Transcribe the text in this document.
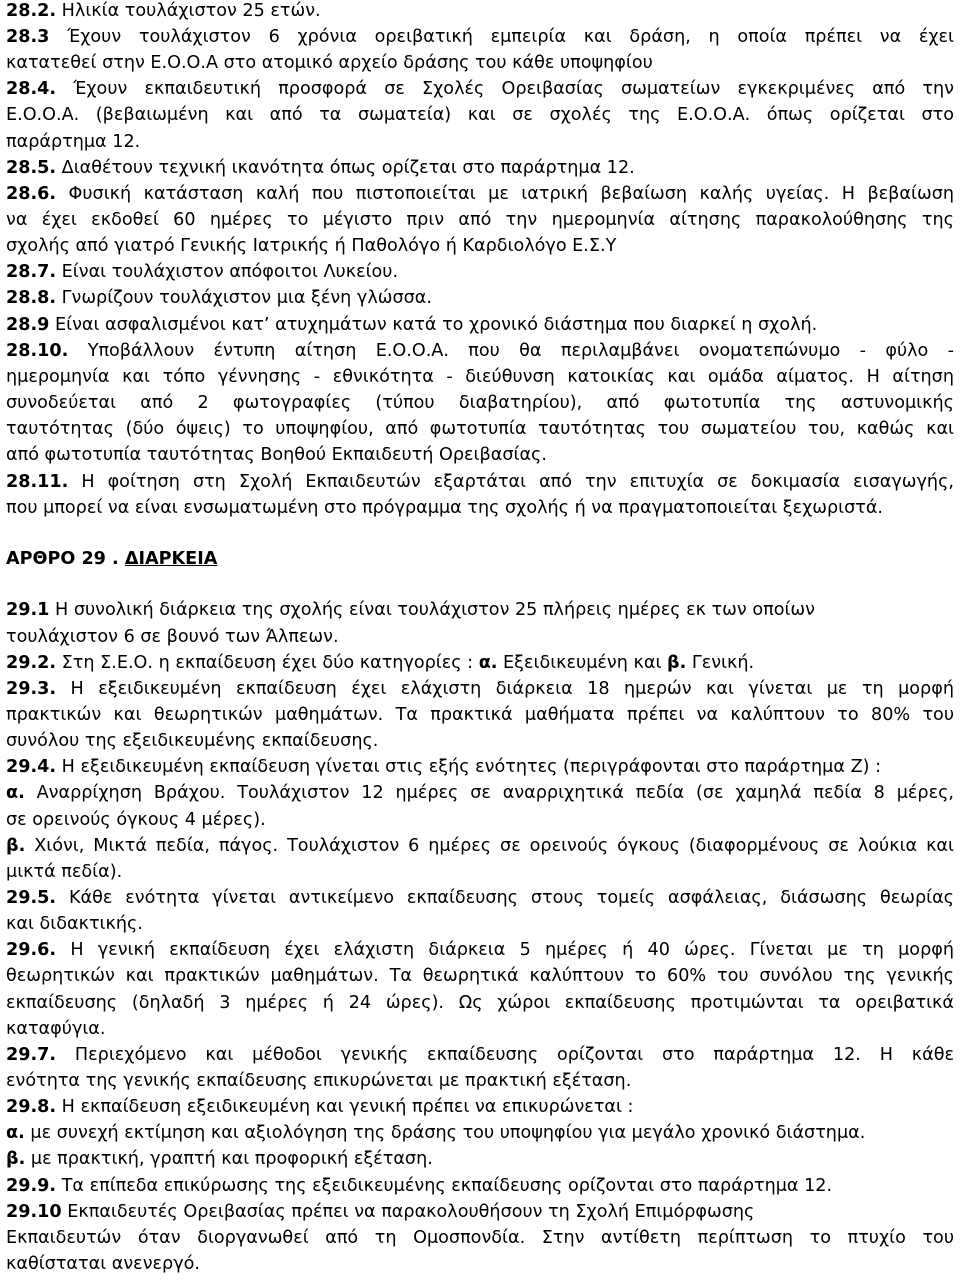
28.2. Ηλικία τουλάχιστον 25 ετών.
28.3 Έχουν τουλάχιστον 6 χρόνια ορειβατική εμπειρία και δράση, η οποία πρέπει να έχει
κατατεθεί στην Ε.Ο.Ο.Α στο ατομικό αρχείο δράσης του κάθε υποψηφίου
28.4. Έχουν εκπαιδευτική προσφορά σε Σχολές Ορειβασίας σωματείων εγκεκριμένες από την
Ε.Ο.Ο.Α. (βεβαιωμένη και από τα σωματεία) και σε σχολές της Ε.Ο.Ο.Α. όπως ορίζεται στο
παράρτημα 12.
28.5. Διαθέτουν τεχνική ικανότητα όπως ορίζεται στο παράρτημα 12.
28.6. Φυσική κατάσταση καλή που πιστοποιείται με ιατρική βεβαίωση καλής υγείας. Η βεβαίωση
να έχει εκδοθεί 60 ημέρες το μέγιστο πριν από την ημερομηνία αίτησης παρακολούθησης της
σχολής από γιατρό Γενικής Ιατρικής ή Παθολόγο ή Καρδιολόγο Ε.Σ.Υ
28.7. Είναι τουλάχιστον απόφοιτοι Λυκείου.
28.8. Γνωρίζουν τουλάχιστον μια ξένη γλώσσα.
28.9 Είναι ασφαλισμένοι κατ’ ατυχημάτων κατά το χρονικό διάστημα που διαρκεί η σχολή.
28.10. Υποβάλλουν έντυπη αίτηση Ε.Ο.Ο.Α. που θα περιλαμβάνει ονοματεπώνυμο - φύλο -
ημερομηνία και τόπο γέννησης - εθνικότητα - διεύθυνση κατοικίας και ομάδα αίματος. Η αίτηση
συνοδεύεται από 2 φωτογραφίες (τύπου διαβατηρίου), από φωτοτυπία της αστυνομικής
ταυτότητας (δύο όψεις) το υποψηφίου, από φωτοτυπία ταυτότητας του σωματείου του, καθώς και
από φωτοτυπία ταυτότητας Βοηθού Εκπαιδευτή Ορειβασίας.
28.11. Η φοίτηση στη Σχολή Εκπαιδευτών εξαρτάται από την επιτυχία σε δοκιμασία εισαγωγής,
που μπορεί να είναι ενσωματωμένη στο πρόγραμμα της σχολής ή να πραγματοποιείται ξεχωριστά.
ΑΡΘΡΟ 29 . ΔΙΑΡΚΕΙΑ
29.1 Η συνολική διάρκεια της σχολής είναι τουλάχιστον 25 πλήρεις ημέρες εκ των οποίων
τουλάχιστον 6 σε βουνό των Άλπεων.
29.2. Στη Σ.Ε.Ο. η εκπαίδευση έχει δύο κατηγορίες : α. Εξειδικευμένη και β. Γενική.
29.3. Η εξειδικευμένη εκπαίδευση έχει ελάχιστη διάρκεια 18 ημερών και γίνεται με τη μορφή
πρακτικών και θεωρητικών μαθημάτων. Τα πρακτικά μαθήματα πρέπει να καλύπτουν το 80% του
συνόλου της εξειδικευμένης εκπαίδευσης.
29.4. Η εξειδικευμένη εκπαίδευση γίνεται στις εξής ενότητες (περιγράφονται στο παράρτημα Ζ) :
α. Αναρρίχηση Βράχου. Τουλάχιστον 12 ημέρες σε αναρριχητικά πεδία (σε χαμηλά πεδία 8 μέρες,
σε ορεινούς όγκους 4 μέρες).
β. Χιόνι, Μικτά πεδία, πάγος. Τουλάχιστον 6 ημέρες σε ορεινούς όγκους (διαφορμένους σε λούκια και
μικτά πεδία).
29.5. Κάθε ενότητα γίνεται αντικείμενο εκπαίδευσης στους τομείς ασφάλειας, διάσωσης θεωρίας
και διδακτικής.
29.6. Η γενική εκπαίδευση έχει ελάχιστη διάρκεια 5 ημέρες ή 40 ώρες. Γίνεται με τη μορφή
θεωρητικών και πρακτικών μαθημάτων. Τα θεωρητικά καλύπτουν το 60% του συνόλου της γενικής
εκπαίδευσης (δηλαδή 3 ημέρες ή 24 ώρες). Ως χώροι εκπαίδευσης προτιμώνται τα ορειβατικά
καταφύγια.
29.7. Περιεχόμενο και μέθοδοι γενικής εκπαίδευσης ορίζονται στο παράρτημα 12. Η κάθε
ενότητα της γενικής εκπαίδευσης επικυρώνεται με πρακτική εξέταση.
29.8. Η εκπαίδευση εξειδικευμένη και γενική πρέπει να επικυρώνεται :
α. με συνεχή εκτίμηση και αξιολόγηση της δράσης του υποψηφίου για μεγάλο χρονικό διάστημα.
β. με πρακτική, γραπτή και προφορική εξέταση.
29.9. Τα επίπεδα επικύρωσης της εξειδικευμένης εκπαίδευσης ορίζονται στο παράρτημα 12.
29.10 Εκπαιδευτές Ορειβασίας πρέπει να παρακολουθήσουν τη Σχολή Επιμόρφωσης
Εκπαιδευτών όταν διοργανωθεί από τη Ομοσπονδία. Στην αντίθετη περίπτωση το πτυχίο του
καθίσταται ανενεργό.
